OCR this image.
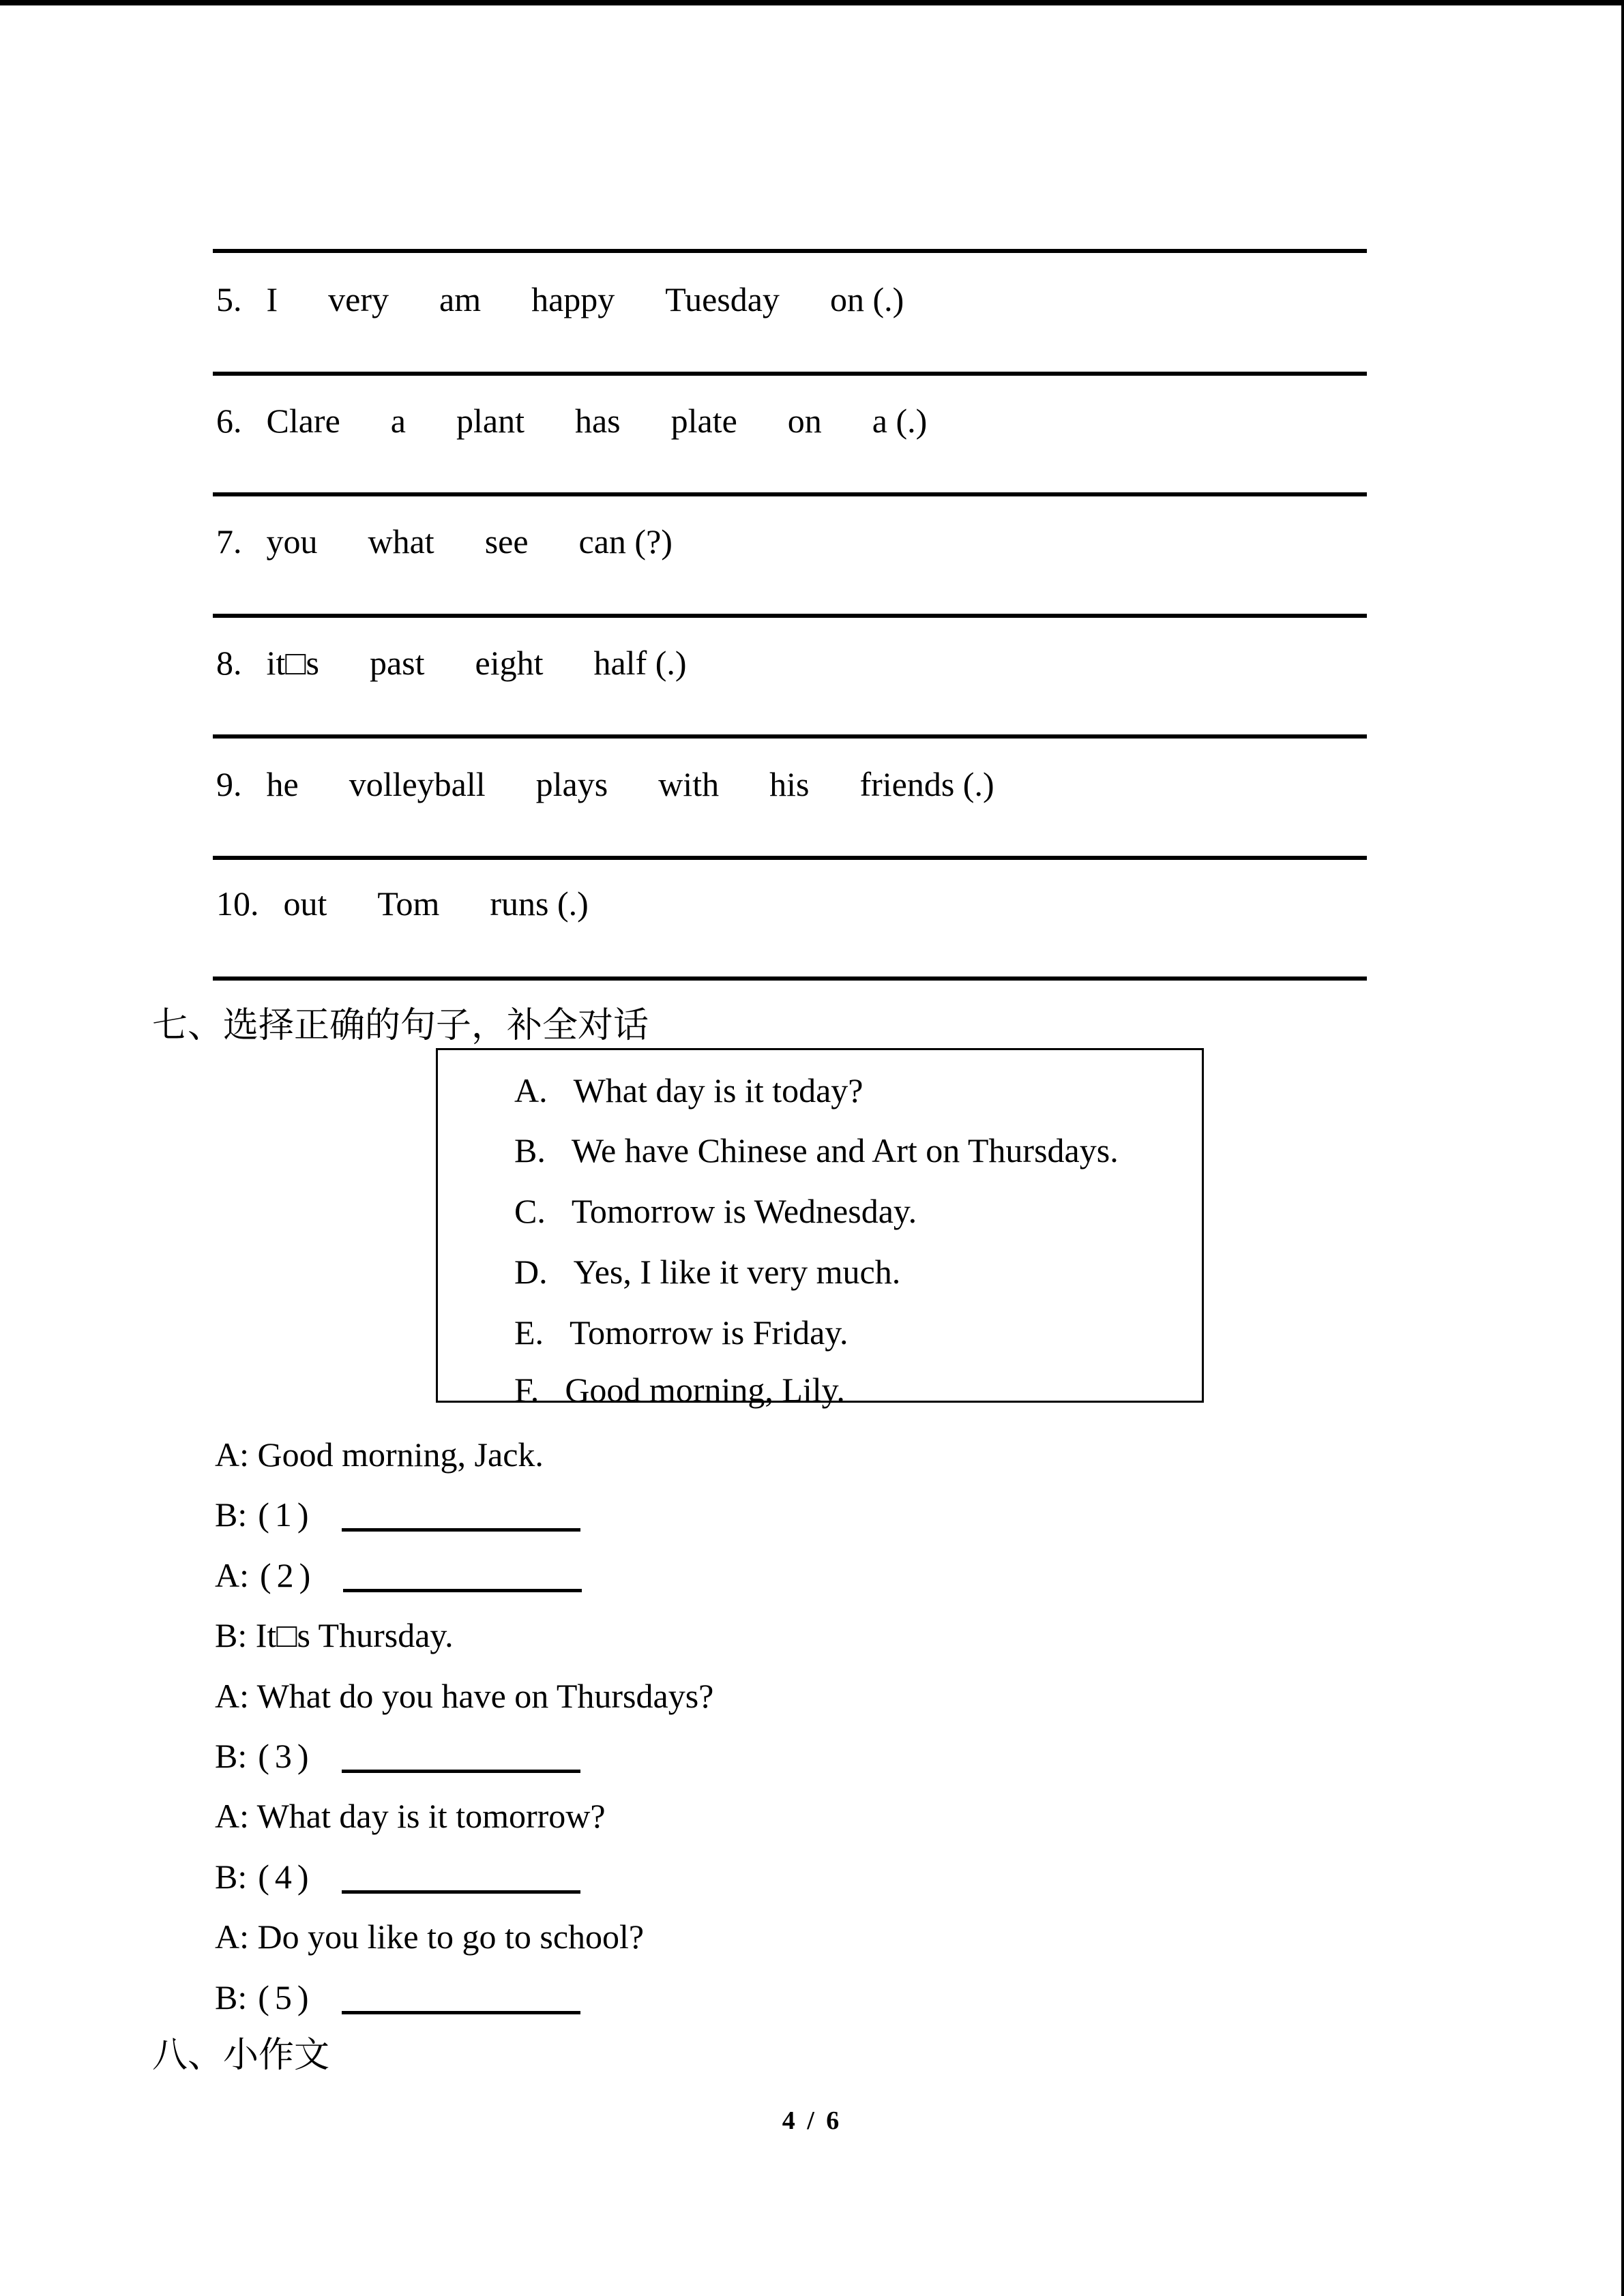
5. I very am happy Tuesday on (.)
6. Clare a plant has plate on a (.)
7. you what see can (?)
8. it□s past eight half (.)
9. he volleyball plays with his friends (.)
10. out Tom runs (.)
七、选择正确的句子，补全对话
A. What day is it today?
B. We have Chinese and Art on Thursdays.
C. Tomorrow is Wednesday.
D. Yes, I like it very much.
E. Tomorrow is Friday.
F. Good morning, Lily.
A: Good morning, Jack.
B: (1)
A: (2)
B: It□s Thursday.
A: What do you have on Thursdays?
B: (3)
A: What day is it tomorrow?
B: (4)
A: Do you like to go to school?
B: (5)
八、小作文
4 / 6
